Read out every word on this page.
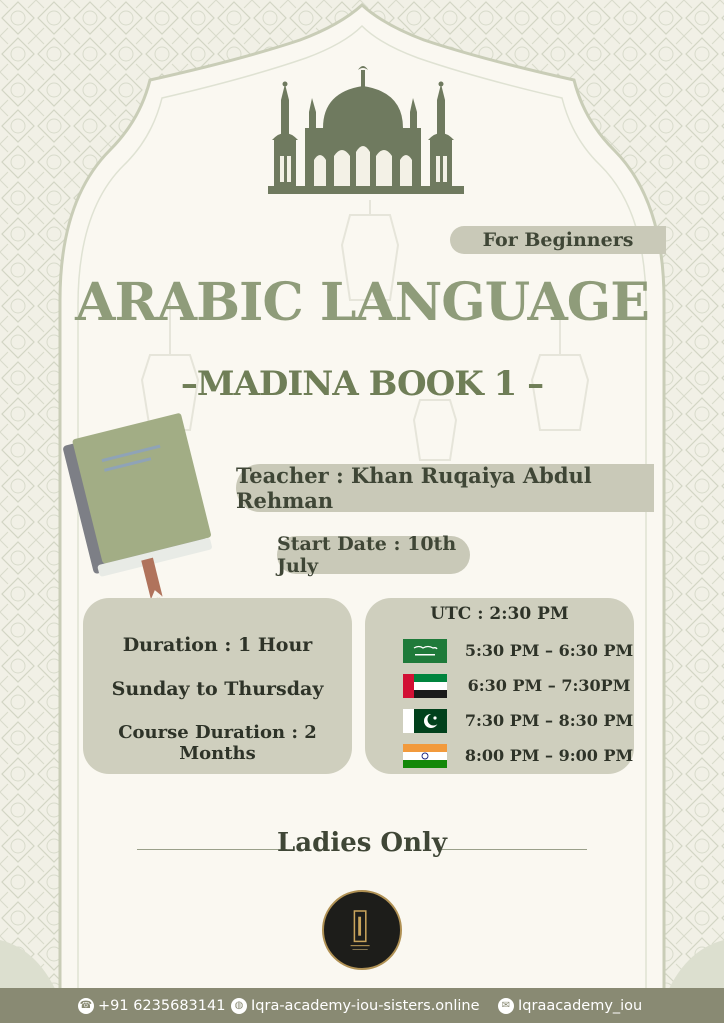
For Beginners
ARABIC LANGUAGE
–MADINA BOOK 1 –
Teacher : Khan Ruqaiya Abdul Rehman
Start Date : 10th July
Duration : 1 Hour
Sunday to Thursday
Course Duration : 2 Months
UTC : 2:30 PM
5:30 PM – 6:30 PM
6:30 PM – 7:30PM
7:30 PM – 8:30 PM
8:00 PM – 9:00 PM
Ladies Only
☎ +91 6235683141 ◍ Iqra-academy-iou-sisters.online	✉ Iqraacademy_iou
